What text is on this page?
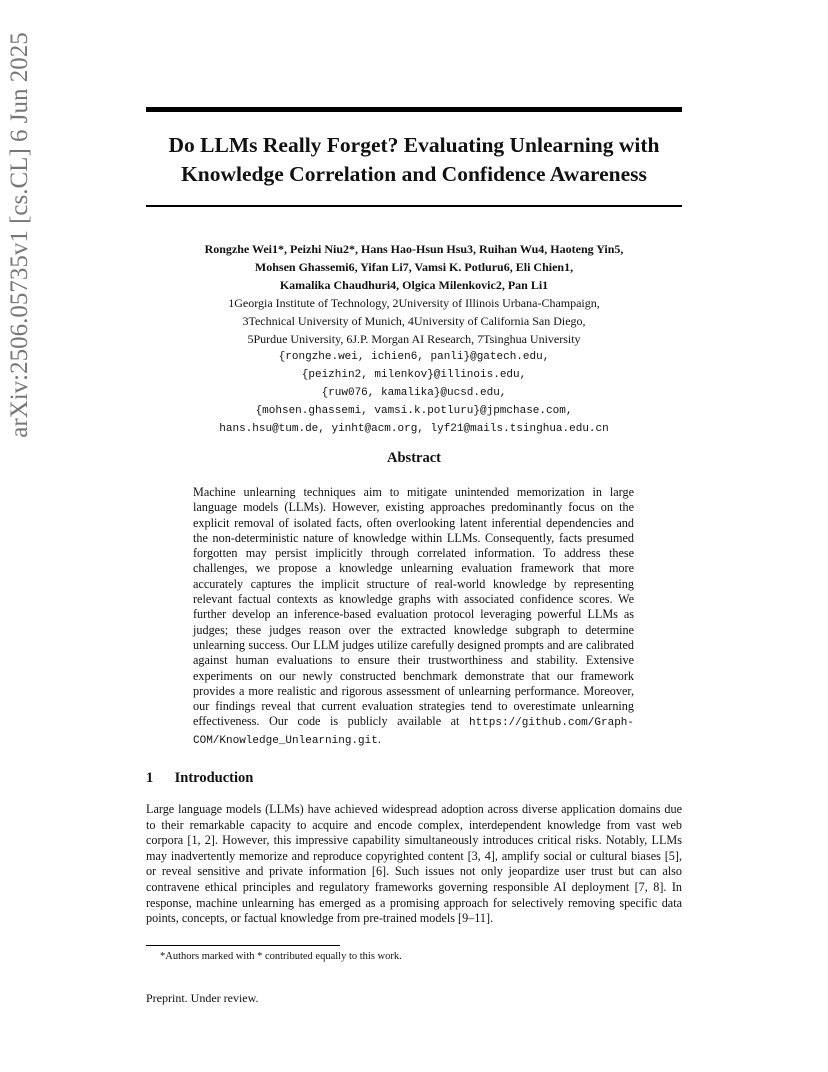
arXiv:2506.05735v1 [cs.CL] 6 Jun 2025	Do LLMs Really Forget? Evaluating Unlearning with
Knowledge Correlation and Confidence Awareness
Rongzhe Wei1*, Peizhi Niu2*, Hans Hao-Hsun Hsu3, Ruihan Wu4, Haoteng Yin5,
Mohsen Ghassemi6, Yifan Li7, Vamsi K. Potluru6, Eli Chien1,
Kamalika Chaudhuri4, Olgica Milenkovic2, Pan Li1
1Georgia Institute of Technology, 2University of Illinois Urbana-Champaign,
3Technical University of Munich, 4University of California San Diego,
5Purdue University, 6J.P. Morgan AI Research, 7Tsinghua University
{rongzhe.wei, ichien6, panli}@gatech.edu,
{peizhin2, milenkov}@illinois.edu,
{ruw076, kamalika}@ucsd.edu,
{mohsen.ghassemi, vamsi.k.potluru}@jpmchase.com,
hans.hsu@tum.de, yinht@acm.org, lyf21@mails.tsinghua.edu.cn
Abstract

Machine unlearning techniques aim to mitigate unintended memorization in large language models (LLMs). However, existing approaches predominantly focus on the explicit removal of isolated facts, often overlooking latent inferential dependencies and the non-deterministic nature of knowledge within LLMs. Consequently, facts presumed forgotten may persist implicitly through correlated information. To address these challenges, we propose a knowledge unlearning evaluation framework that more accurately captures the implicit structure of real-world knowledge by representing relevant factual contexts as knowledge graphs with associated confidence scores. We further develop an inference-based evaluation protocol leveraging powerful LLMs as judges; these judges reason over the extracted knowledge subgraph to determine unlearning success. Our LLM judges utilize carefully designed prompts and are calibrated against human evaluations to ensure their trustworthiness and stability. Extensive experiments on our newly constructed benchmark demonstrate that our framework provides a more realistic and rigorous assessment of unlearning performance. Moreover, our findings reveal that current evaluation strategies tend to overestimate unlearning effectiveness. Our code is publicly available at https://github.com/Graph-COM/Knowledge_Unlearning.git.

1 Introduction

Large language models (LLMs) have achieved widespread adoption across diverse application domains due to their remarkable capacity to acquire and encode complex, interdependent knowledge from vast web corpora [1, 2]. However, this impressive capability simultaneously introduces critical risks. Notably, LLMs may inadvertently memorize and reproduce copyrighted content [3, 4], amplify social or cultural biases [5], or reveal sensitive and private information [6]. Such issues not only jeopardize user trust but can also contravene ethical principles and regulatory frameworks governing responsible AI deployment [7, 8]. In response, machine unlearning has emerged as a promising approach for selectively removing specific data points, concepts, or factual knowledge from pre-trained models [9–11].

*Authors marked with * contributed equally to this work.

Preprint. Under review.
